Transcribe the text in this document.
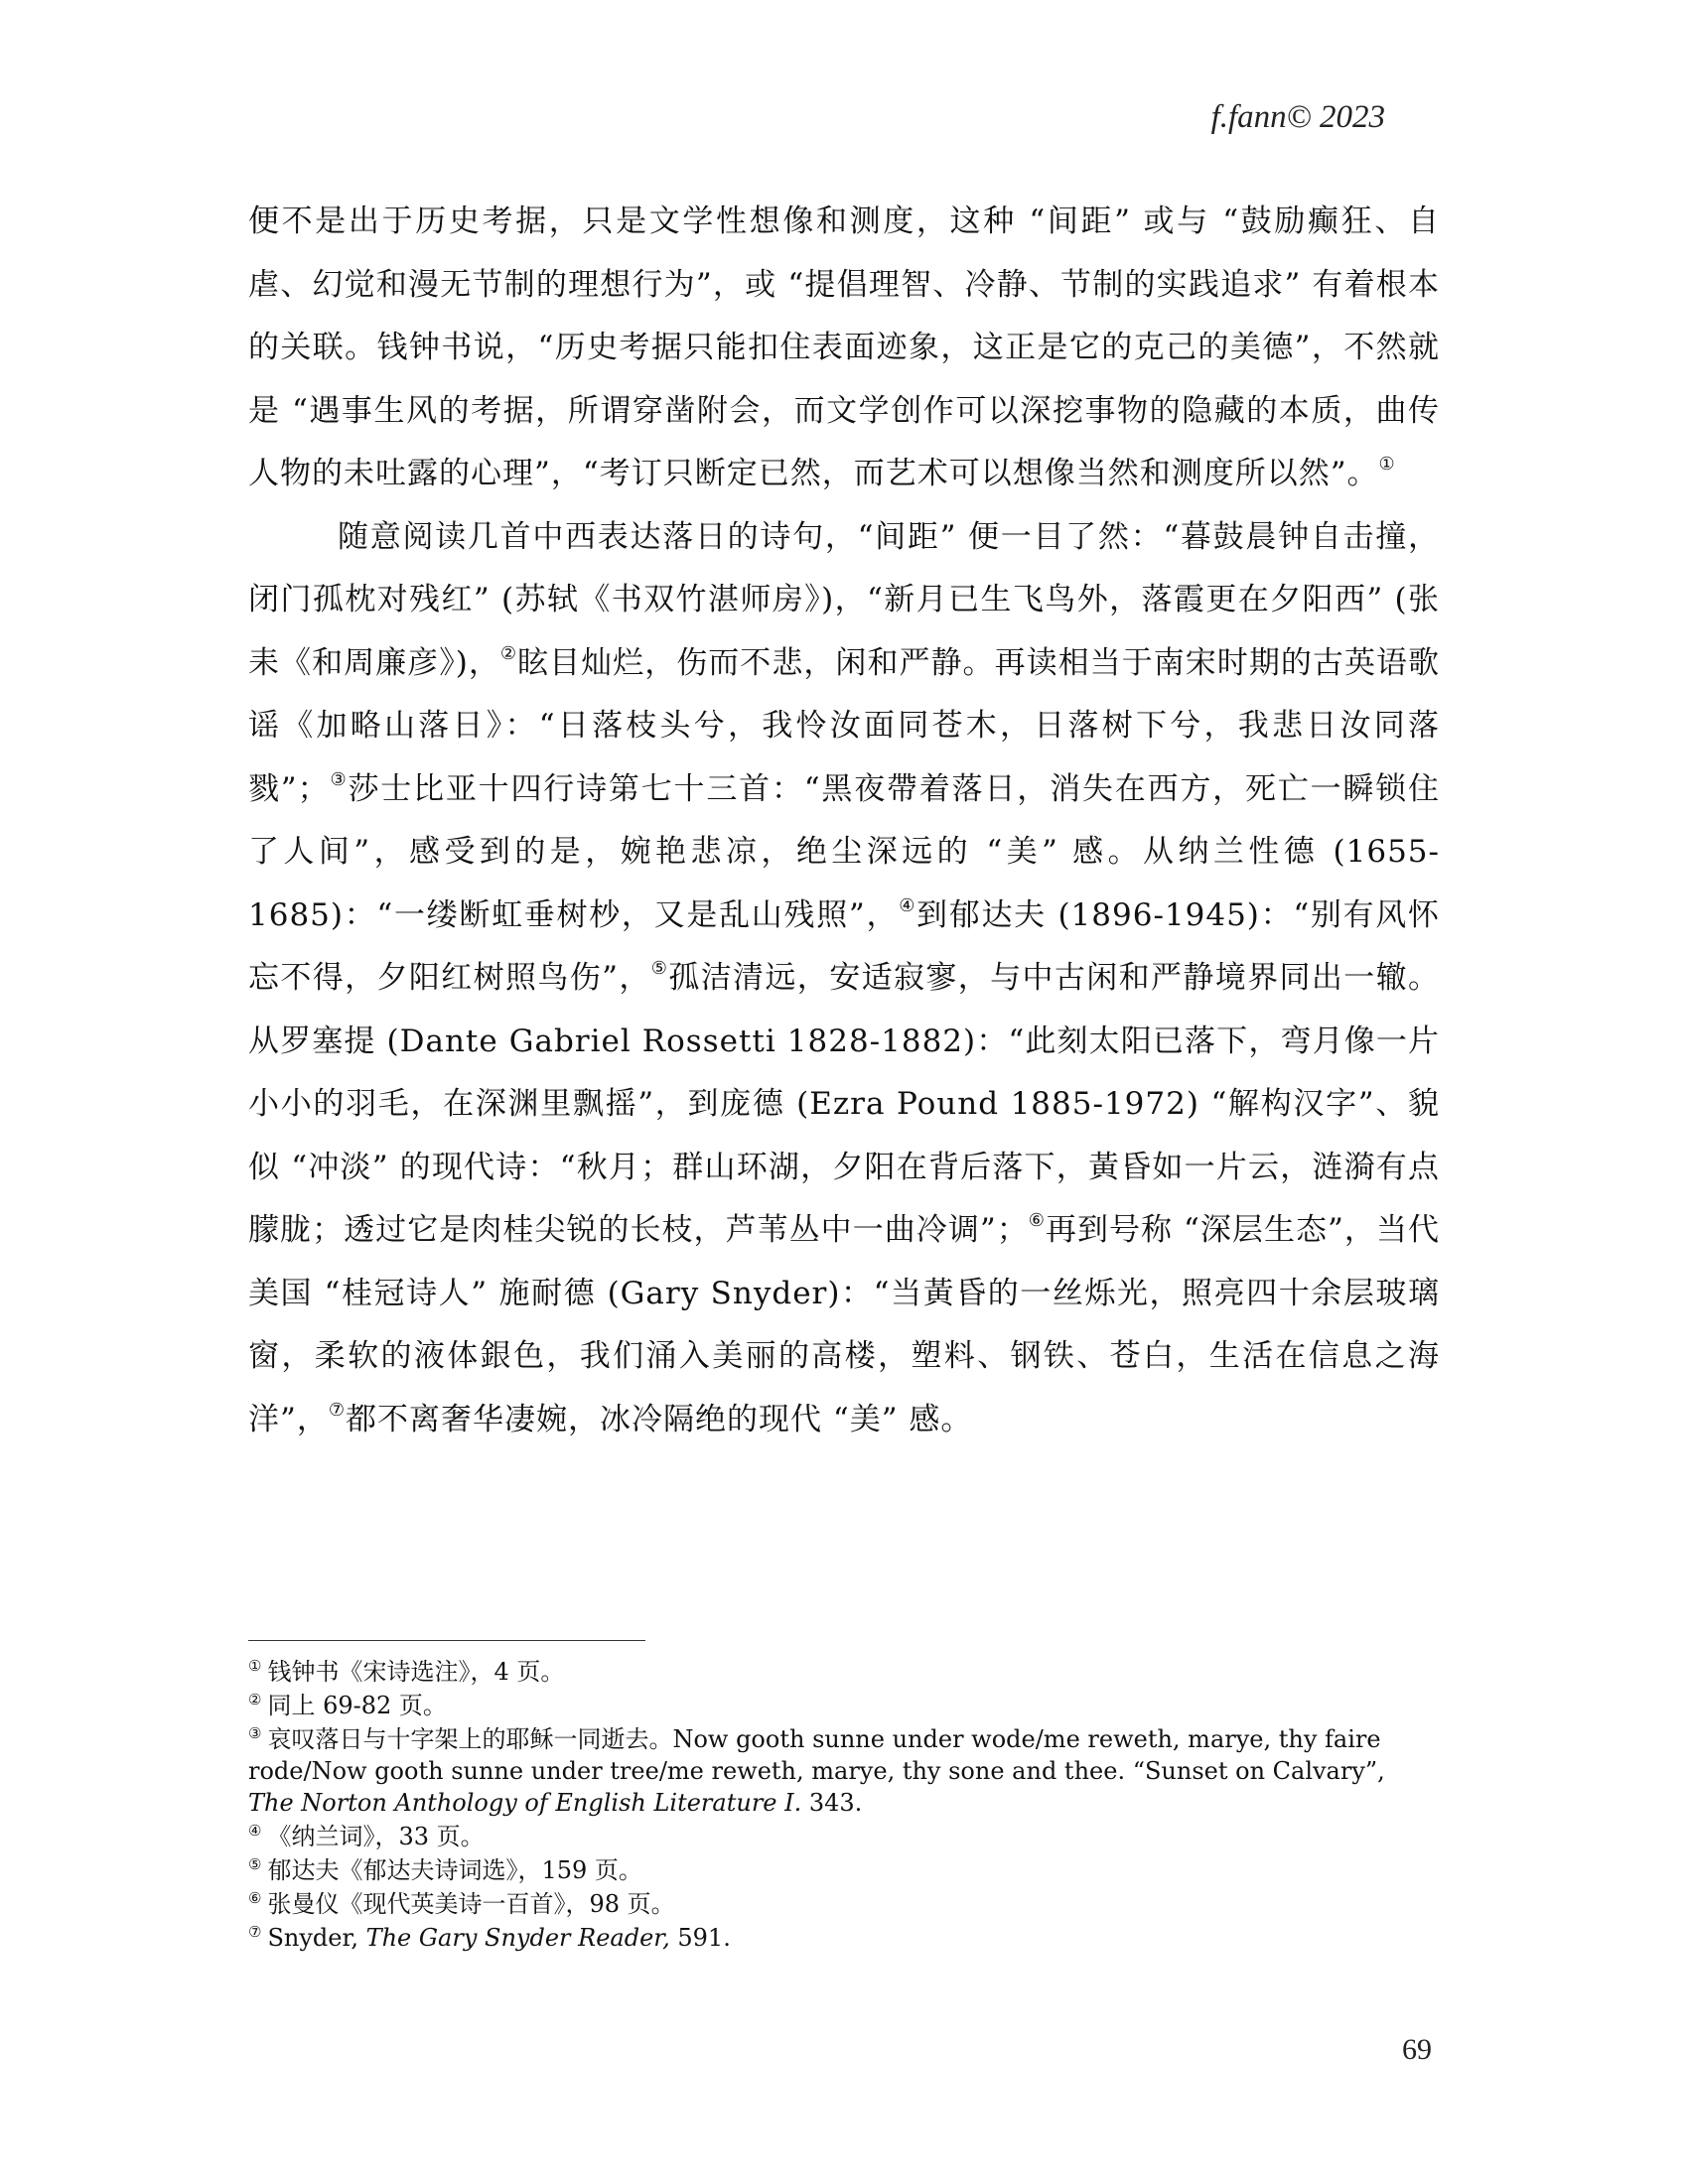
f.fann© 2023

便不是出于历史考据，只是文学性想像和测度，这种 “间距” 或与 “鼓励癫狂、自虐、幻觉和漫无节制的理想行为”，或 “提倡理智、冷静、节制的实践追求” 有着根本的关联。钱钟书说，“历史考据只能扣住表面迹象，这正是它的克己的美德”，不然就是 “遇事生风的考据，所谓穿凿附会，而文学创作可以深挖事物的隐藏的本质，曲传人物的未吐露的心理”，“考订只断定已然，而艺术可以想像当然和测度所以然”。①

随意阅读几首中西表达落日的诗句，“间距” 便一目了然：“暮鼓晨钟自击撞，闭门孤枕对残红” (苏轼《书双竹湛师房》)，“新月已生飞鸟外，落霞更在夕阳西” (张耒《和周廉彦》)，②眩目灿烂，伤而不悲，闲和严静。再读相当于南宋时期的古英语歌谣《加略山落日》：“日落枝头兮，我怜汝面同苍木，日落树下兮，我悲日汝同落戮”；③莎士比亚十四行诗第七十三首：“黑夜帶着落日，消失在西方，死亡一瞬锁住了人间”，感受到的是，婉艳悲凉，绝尘深远的 “美” 感。从纳兰性德 (1655-1685)：“一缕断虹垂树杪，又是乱山残照”，④到郁达夫 (1896-1945)：“别有风怀忘不得，夕阳红树照鸟伤”，⑤孤洁清远，安适寂寥，与中古闲和严静境界同出一辙。从罗塞提 (Dante Gabriel Rossetti 1828-1882)：“此刻太阳已落下，弯月像一片小小的羽毛，在深渊里飘摇”，到庞德 (Ezra Pound 1885-1972) “解构汉字”、貌似 “冲淡” 的现代诗：“秋月；群山环湖，夕阳在背后落下，黃昏如一片云，涟漪有点朦胧；透过它是肉桂尖锐的长枝，芦苇丛中一曲冷调”；⑥再到号称 “深层生态”，当代美国 “桂冠诗人” 施耐德 (Gary Snyder)：“当黃昏的一丝烁光，照亮四十余层玻璃窗，柔软的液体銀色，我们涌入美丽的高楼，塑料、钢铁、苍白，生活在信息之海洋”，⑦都不离奢华凄婉，冰冷隔绝的现代 “美” 感。

① 钱钟书《宋诗选注》，4 页。

② 同上 69-82 页。

③ 哀叹落日与十字架上的耶稣一同逝去。Now gooth sunne under wode/me reweth, marye, thy faire rode/Now gooth sunne under tree/me reweth, marye, thy sone and thee. “Sunset on Calvary”, The Norton Anthology of English Literature I. 343.

④ 《纳兰词》，33 页。

⑤ 郁达夫《郁达夫诗词选》，159 页。

⑥ 张曼仪《现代英美诗一百首》，98 页。

⑦ Snyder, The Gary Snyder Reader, 591.

69
